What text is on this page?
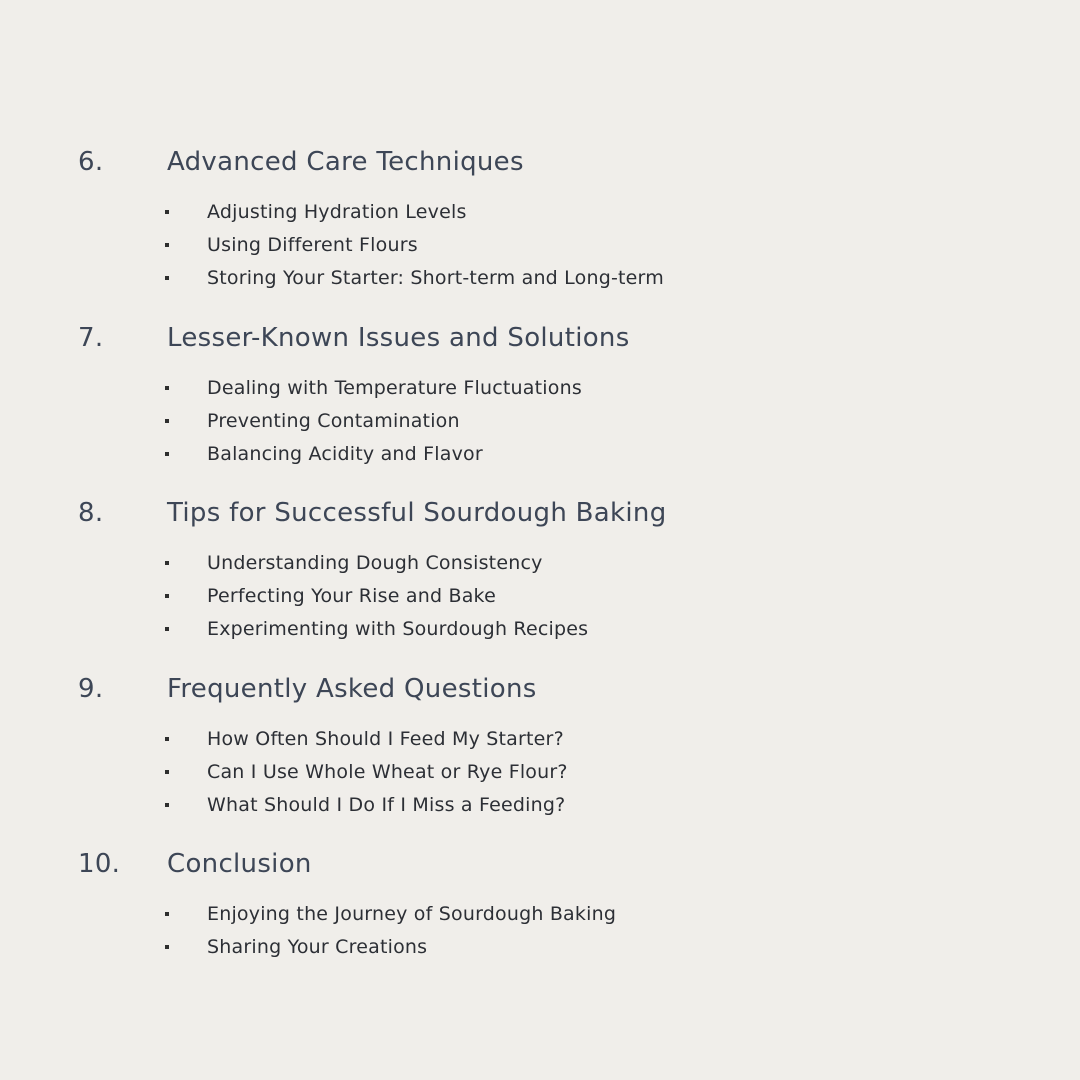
6. Advanced Care Techniques
Adjusting Hydration Levels
Using Different Flours
Storing Your Starter: Short-term and Long-term
7. Lesser-Known Issues and Solutions
Dealing with Temperature Fluctuations
Preventing Contamination
Balancing Acidity and Flavor
8. Tips for Successful Sourdough Baking
Understanding Dough Consistency
Perfecting Your Rise and Bake
Experimenting with Sourdough Recipes
9. Frequently Asked Questions
How Often Should I Feed My Starter?
Can I Use Whole Wheat or Rye Flour?
What Should I Do If I Miss a Feeding?
10. Conclusion
Enjoying the Journey of Sourdough Baking
Sharing Your Creations
